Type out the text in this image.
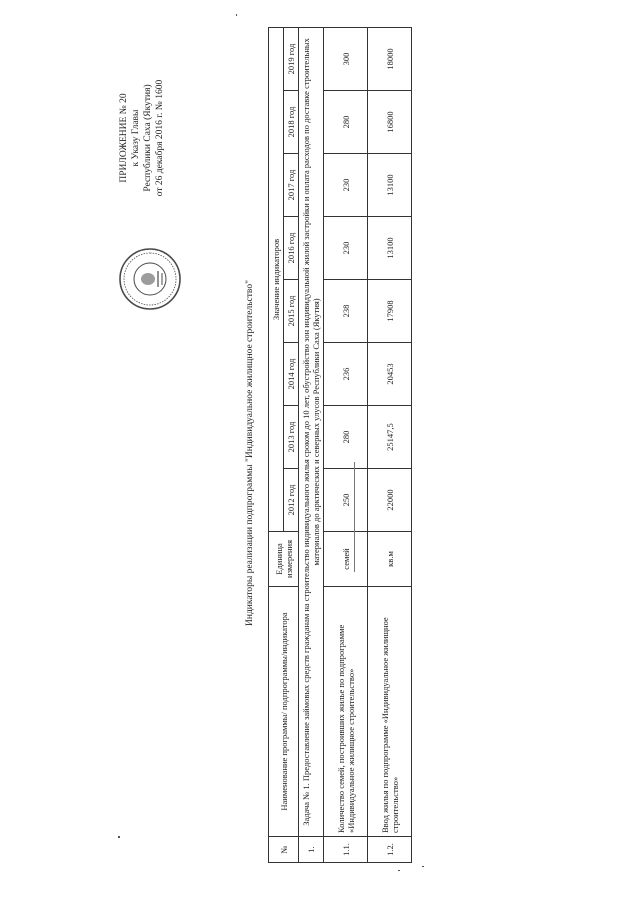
ПРИЛОЖЕНИЕ № 20 к Указу Главы Республики Саха (Якутия) от 26 декабря 2016 г. № 1600
Индикаторы реализации подпрограммы "Индивидуальное жилищное строительство"
№	Наименование программы/ подпрограммы/индикатора	Единица измерения	Значение индикаторов							
			2012 год	2013 год	2014 год	2015 год	2016 год	2017 год	2018 год	2019 год
1.	Задача № 1. Предоставление займовых средств гражданам на строительство индивидуального жилья сроком до 10 лет, обустройство зон индивидуальной жилой застройки и оплата расходов по доставке строительных материалов до арктических и северных улусов Республики Саха (Якутия)									
1.1.	Количество семей, построивших жилье по подпрограмме «Индивидуальное жилищное строительство»	семей	250	280	236	238	230	230	280	300
1.2.	Ввод жилья по подпрограмме «Индивидуальное жилищное строительство»	кв.м	22000	25147,5	20453	17908	13100	13100	16800	18000
